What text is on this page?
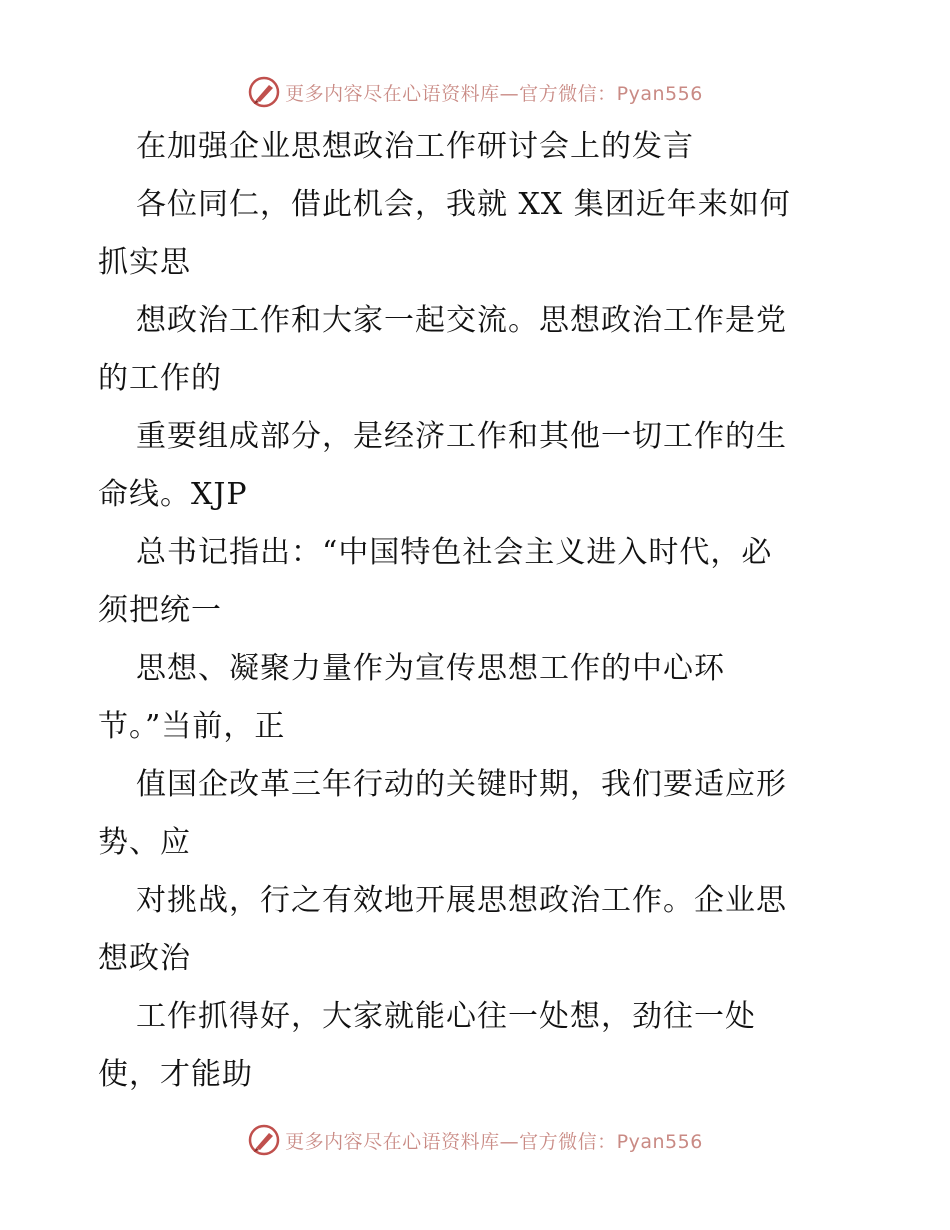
更多内容尽在心语资料库—官方微信：Pyan556
在加强企业思想政治工作研讨会上的发言
各位同仁，借此机会，我就 XX 集团近年来如何
抓实思
想政治工作和大家一起交流。思想政治工作是党
的工作的
重要组成部分，是经济工作和其他一切工作的生
命线。XJP
总书记指出：“中国特色社会主义进入时代，必
须把统一
思想、凝聚力量作为宣传思想工作的中心环
节。”当前，正
值国企改革三年行动的关键时期，我们要适应形
势、应
对挑战，行之有效地开展思想政治工作。企业思
想政治
工作抓得好，大家就能心往一处想，劲往一处
使，才能助
更多内容尽在心语资料库—官方微信：Pyan556
